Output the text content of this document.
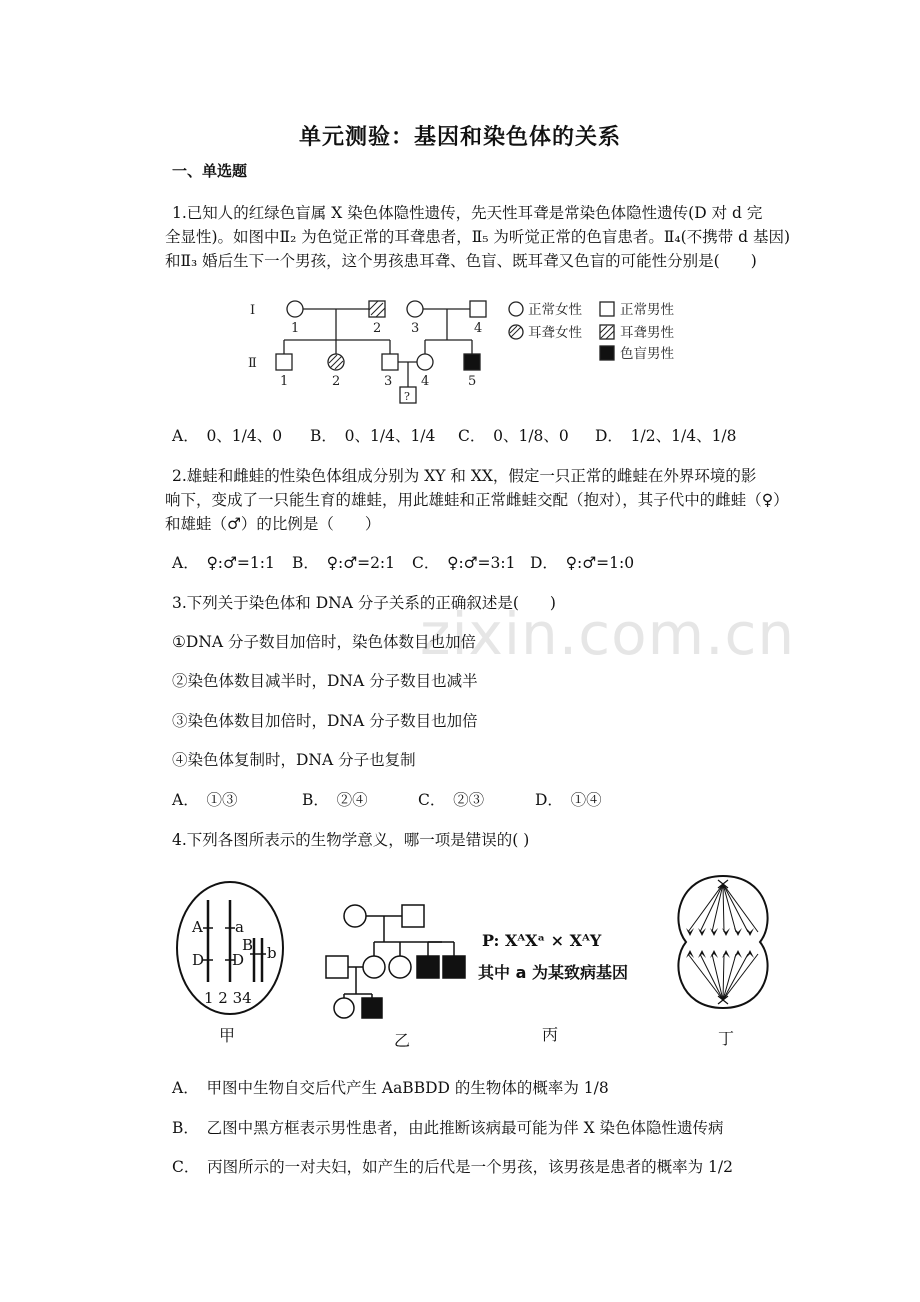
zixin.com.cn
单元测验：基因和染色体的关系
一、单选题
1.已知人的红绿色盲属 X 染色体隐性遗传，先天性耳聋是常染色体隐性遗传(D 对 d 完
全显性)。如图中Ⅱ₂ 为色觉正常的耳聋患者，Ⅱ₅ 为听觉正常的色盲患者。Ⅱ₄(不携带 d 基因)
和Ⅱ₃ 婚后生下一个男孩，这个男孩患耳聋、色盲、既耳聋又色盲的可能性分别是(　　)
I
Ⅱ
1	2 3	4
1	2	3 4	5
?
正常女性	正常男性
耳聋女性	耳聋男性
色盲男性
A．　0、1/4、0 B．　0、1/4、1/4 C．　0、1/8、0 D．　1/2、1/4、1/8
2.雄蛙和雌蛙的性染色体组成分别为 XY 和 XX，假定一只正常的雌蛙在外界环境的影
响下，变成了一只能生育的雄蛙，用此雄蛙和正常雌蛙交配（抱对），其子代中的雌蛙（♀）
和雄蛙（♂）的比例是（　　）
A．　♀:♂=1:1 B．　♀:♂=2:1 C．　♀:♂=3:1 D．　♀:♂=1:0
3.下列关于染色体和 DNA 分子关系的正确叙述是(　　)
①DNA 分子数目加倍时，染色体数目也加倍
②染色体数目减半时，DNA 分子数目也减半
③染色体数目加倍时，DNA 分子数目也加倍
④染色体复制时，DNA 分子也复制
A．　①③	B．　②④	C．　②③	D．　①④
4.下列各图所表示的生物学意义，哪一项是错误的( )
A a
D D
B b
1 2 34
甲	乙
P: XᴬXᵃ × XᴬY
其中 a 为某致病基因
丙	丁
A．　甲图中生物自交后代产生 AaBBDD 的生物体的概率为 1/8
B．　乙图中黑方框表示男性患者，由此推断该病最可能为伴 X 染色体隐性遗传病
C．　丙图所示的一对夫妇，如产生的后代是一个男孩，该男孩是患者的概率为 1/2
